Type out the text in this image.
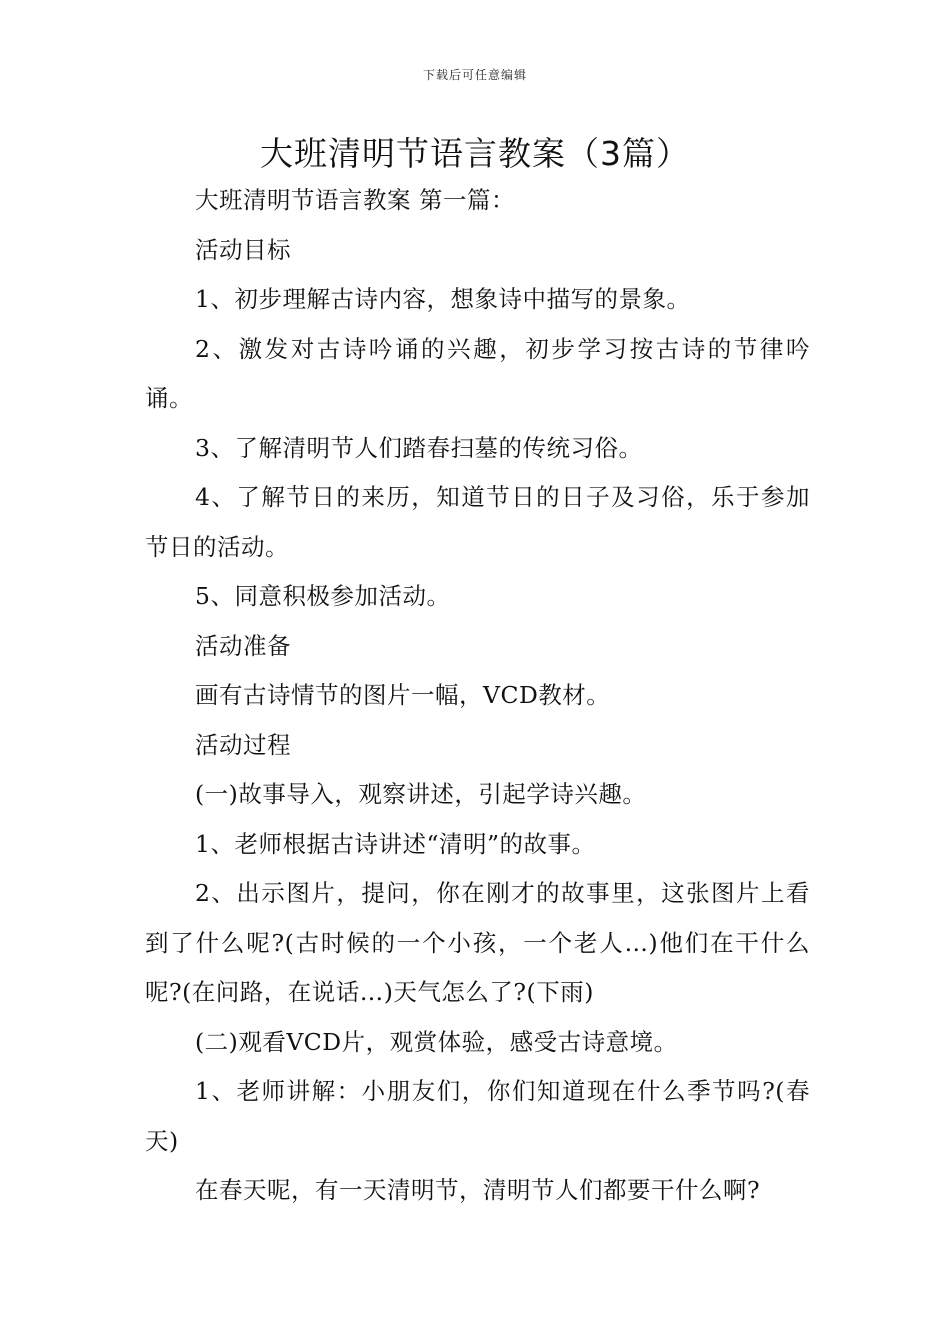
下载后可任意编辑
大班清明节语言教案（3篇）

大班清明节语言教案 第一篇：

活动目标

1、初步理解古诗内容，想象诗中描写的景象。

2、激发对古诗吟诵的兴趣，初步学习按古诗的节律吟诵。

3、了解清明节人们踏春扫墓的传统习俗。

4、了解节日的来历，知道节日的日子及习俗，乐于参加节日的活动。

5、同意积极参加活动。

活动准备

画有古诗情节的图片一幅，VCD教材。

活动过程

(一)故事导入，观察讲述，引起学诗兴趣。

1、老师根据古诗讲述“清明”的故事。

2、出示图片，提问，你在刚才的故事里，这张图片上看到了什么呢?(古时候的一个小孩，一个老人…)他们在干什么呢?(在问路，在说话…)天气怎么了?(下雨)

(二)观看VCD片，观赏体验，感受古诗意境。

1、老师讲解：小朋友们，你们知道现在什么季节吗?(春天)

在春天呢，有一天清明节，清明节人们都要干什么啊?
